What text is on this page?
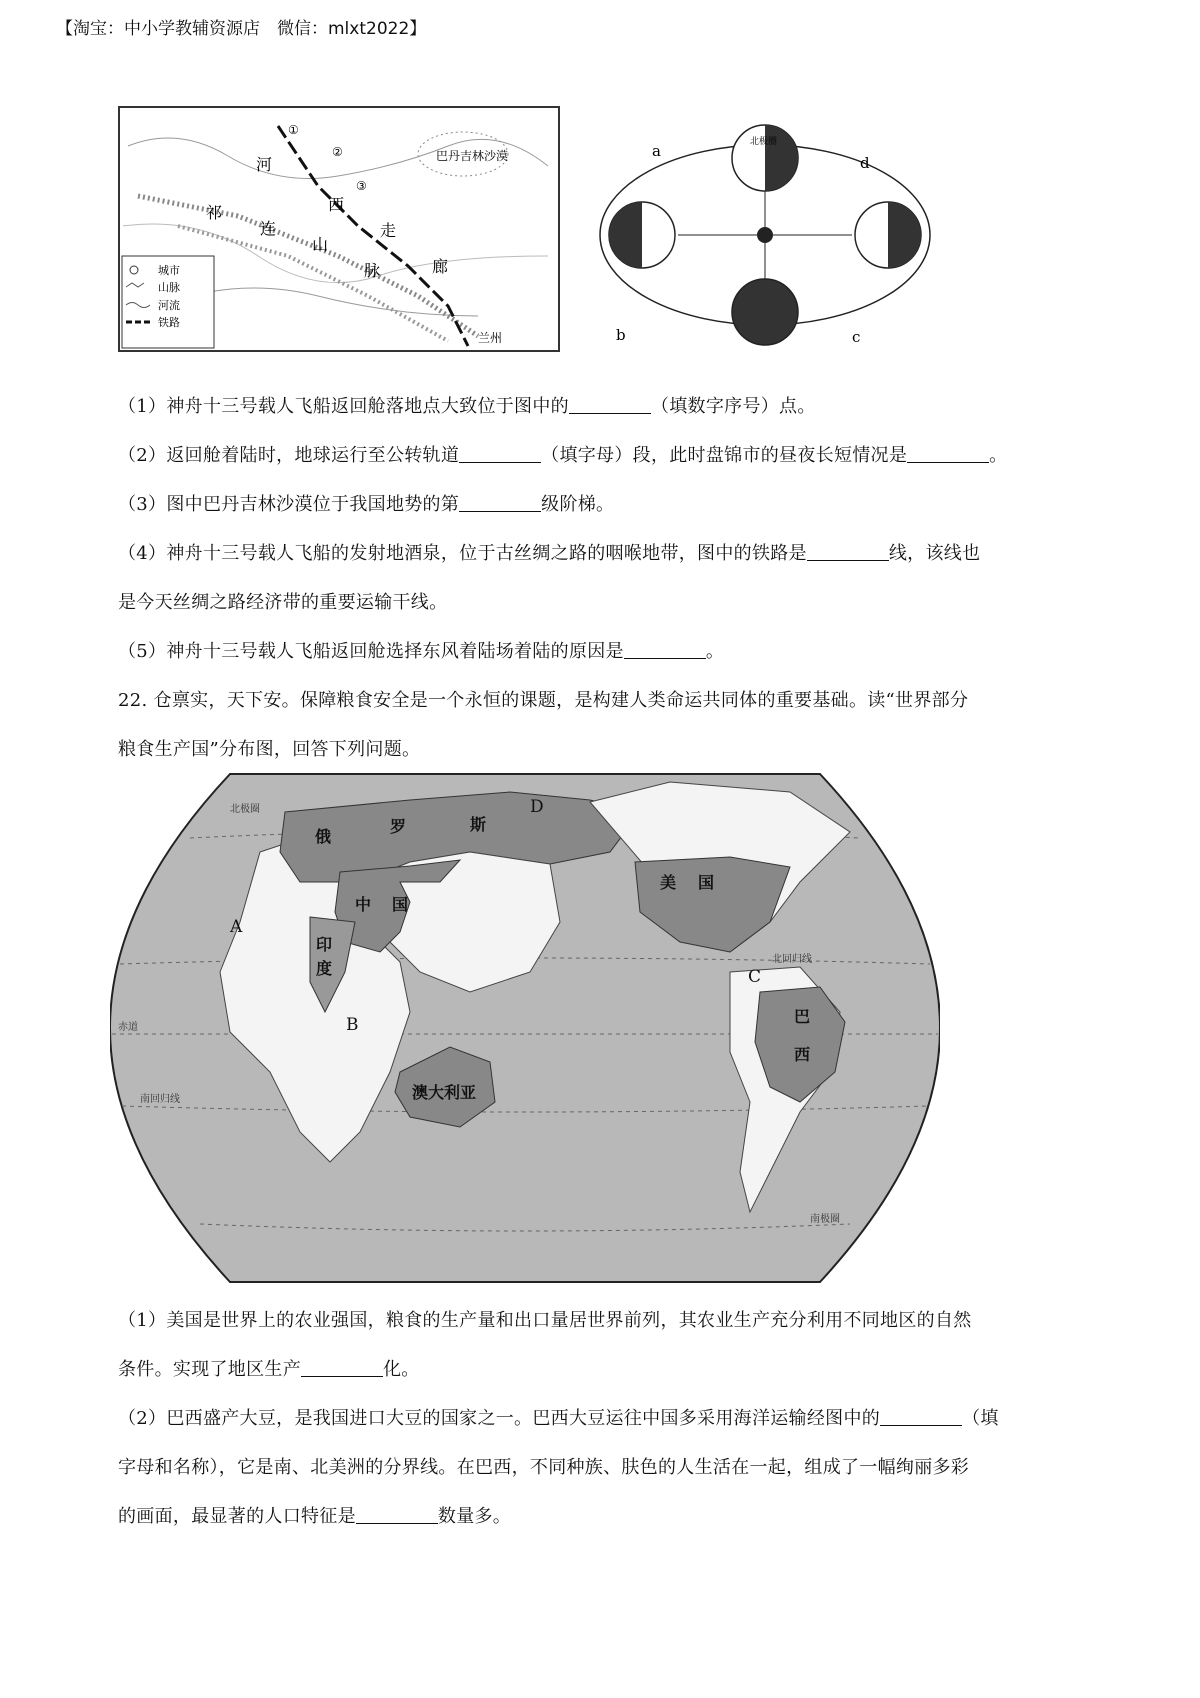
【淘宝：中小学教辅资源店　微信：mlxt2022】
巴丹吉林沙漠
①
②
③
河
西
走
廊
祁
连
山
脉
兰州
城市
山脉
河流
铁路
北极圈
a
b	c
d
（1）神舟十三号载人飞船返回舱落地点大致位于图中的	（填数字序号）点。
（2）返回舱着陆时，地球运行至公转轨道	（填字母）段，此时盘锦市的昼夜长短情况是	。
（3）图中巴丹吉林沙漠位于我国地势的第	级阶梯。
（4）神舟十三号载人飞船的发射地酒泉，位于古丝绸之路的咽喉地带，图中的铁路是	线，该线也
是今天丝绸之路经济带的重要运输干线。
（5）神舟十三号载人飞船返回舱选择东风着陆场着陆的原因是	。
22. 仓禀实，天下安。保障粮食安全是一个永恒的课题，是构建人类命运共同体的重要基础。读“世界部分
粮食生产国”分布图，回答下列问题。
俄
罗	斯
中 国
美 国
印
度
巴
西
澳大利亚
A
B
C
D
北极圈
北回归线
赤道
南回归线
南极圈
（1）美国是世界上的农业强国，粮食的生产量和出口量居世界前列，其农业生产充分利用不同地区的自然
条件。实现了地区生产	化。
（2）巴西盛产大豆，是我国进口大豆的国家之一。巴西大豆运往中国多采用海洋运输经图中的	（填
字母和名称），它是南、北美洲的分界线。在巴西，不同种族、肤色的人生活在一起，组成了一幅绚丽多彩
的画面，最显著的人口特征是	数量多。
